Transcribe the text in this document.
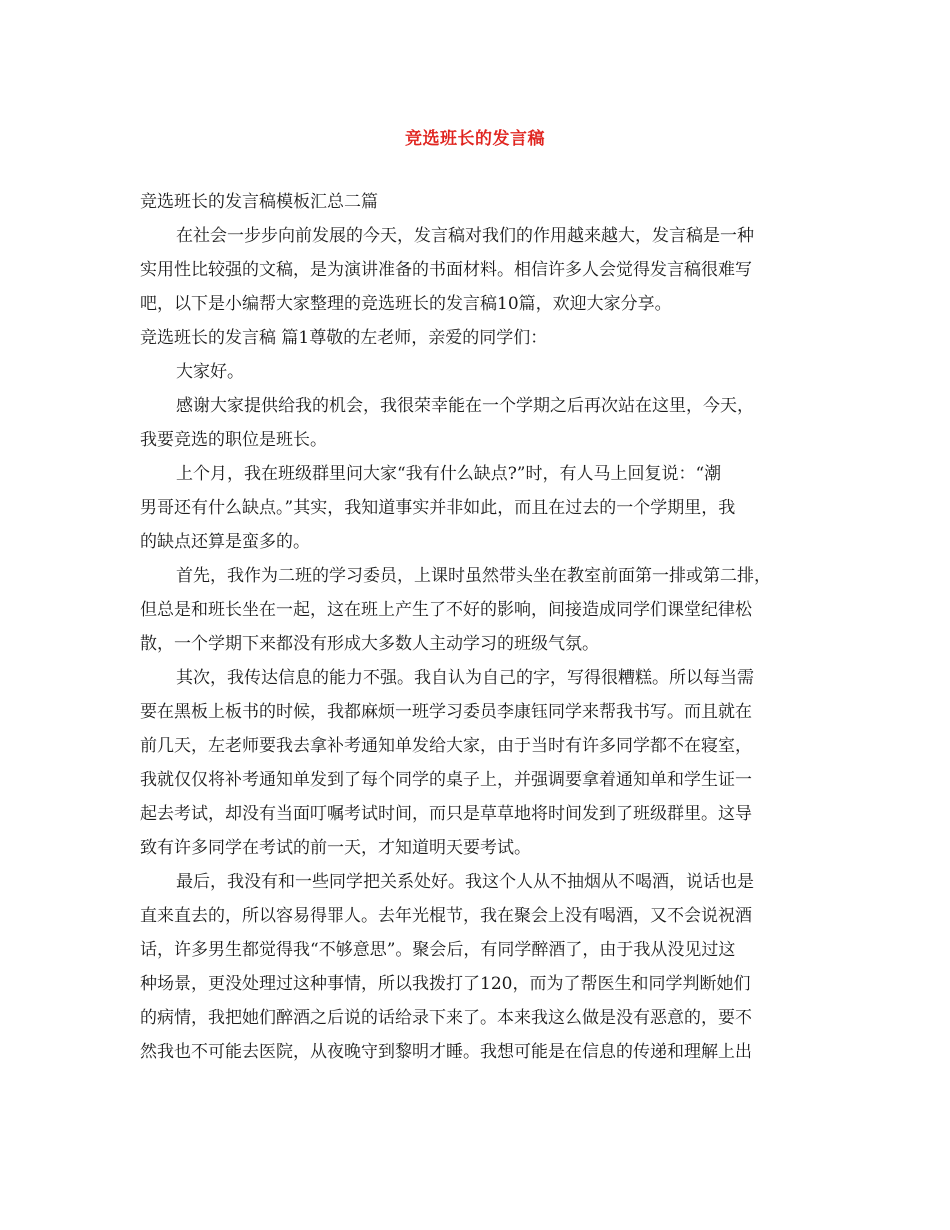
竞选班长的发言稿
竞选班长的发言稿模板汇总二篇
在社会一步步向前发展的今天，发言稿对我们的作用越来越大，发言稿是一种
实用性比较强的文稿，是为演讲准备的书面材料。相信许多人会觉得发言稿很难写
吧，以下是小编帮大家整理的竞选班长的发言稿10篇，欢迎大家分享。
竞选班长的发言稿 篇1尊敬的左老师，亲爱的同学们：
大家好。
感谢大家提供给我的机会，我很荣幸能在一个学期之后再次站在这里，今天，
我要竞选的职位是班长。
上个月，我在班级群里问大家“我有什么缺点?”时，有人马上回复说：“潮
男哥还有什么缺点。”其实，我知道事实并非如此，而且在过去的一个学期里，我
的缺点还算是蛮多的。
首先，我作为二班的学习委员，上课时虽然带头坐在教室前面第一排或第二排，
但总是和班长坐在一起，这在班上产生了不好的影响，间接造成同学们课堂纪律松
散，一个学期下来都没有形成大多数人主动学习的班级气氛。
其次，我传达信息的能力不强。我自认为自己的字，写得很糟糕。所以每当需
要在黑板上板书的时候，我都麻烦一班学习委员李康钰同学来帮我书写。而且就在
前几天，左老师要我去拿补考通知单发给大家，由于当时有许多同学都不在寝室，
我就仅仅将补考通知单发到了每个同学的桌子上，并强调要拿着通知单和学生证一
起去考试，却没有当面叮嘱考试时间，而只是草草地将时间发到了班级群里。这导
致有许多同学在考试的前一天，才知道明天要考试。
最后，我没有和一些同学把关系处好。我这个人从不抽烟从不喝酒，说话也是
直来直去的，所以容易得罪人。去年光棍节，我在聚会上没有喝酒，又不会说祝酒
话，许多男生都觉得我“不够意思”。聚会后，有同学醉酒了，由于我从没见过这
种场景，更没处理过这种事情，所以我拨打了120，而为了帮医生和同学判断她们
的病情，我把她们醉酒之后说的话给录下来了。本来我这么做是没有恶意的，要不
然我也不可能去医院，从夜晚守到黎明才睡。我想可能是在信息的传递和理解上出
